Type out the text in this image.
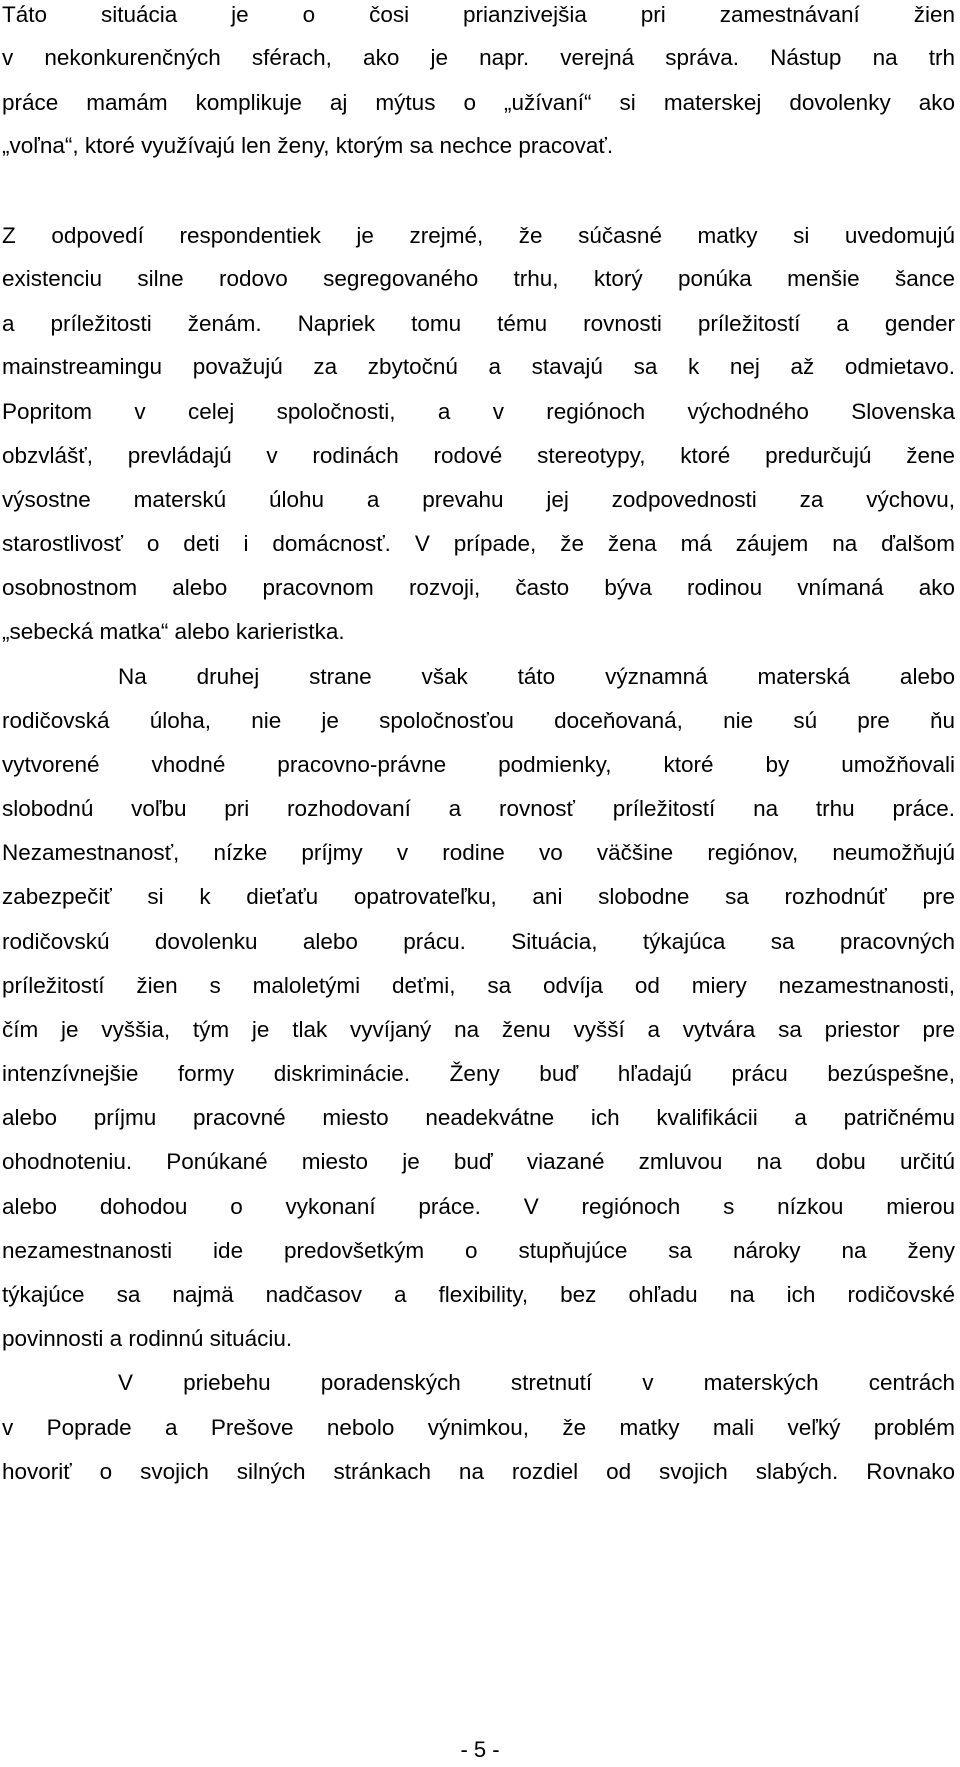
Táto situácia je o čosi prianzivejšia pri zamestnávaní žien
v nekonkurenčných sférach, ako je napr. verejná správa. Nástup na trh
práce mamám komplikuje aj mýtus o „užívaní“ si materskej dovolenky ako
„voľna“, ktoré využívajú len ženy, ktorým sa nechce pracovať.
Z odpovedí respondentiek je zrejmé, že súčasné matky si uvedomujú
existenciu silne rodovo segregovaného trhu, ktorý ponúka menšie šance
a príležitosti ženám. Napriek tomu tému rovnosti príležitostí a gender
mainstreamingu považujú za zbytočnú a stavajú sa k nej až odmietavo.
Popritom v celej spoločnosti, a v regiónoch východného Slovenska
obzvlášť, prevládajú v rodinách rodové stereotypy, ktoré predurčujú žene
výsostne materskú úlohu a prevahu jej zodpovednosti za výchovu,
starostlivosť o deti i domácnosť. V prípade, že žena má záujem na ďalšom
osobnostnom alebo pracovnom rozvoji, často býva rodinou vnímaná ako
„sebecká matka“ alebo karieristka.
Na druhej strane však táto významná materská alebo
rodičovská úloha, nie je spoločnosťou doceňovaná, nie sú pre ňu
vytvorené vhodné pracovno-právne podmienky, ktoré by umožňovali
slobodnú voľbu pri rozhodovaní a rovnosť príležitostí na trhu práce.
Nezamestnanosť, nízke príjmy v rodine vo väčšine regiónov, neumožňujú
zabezpečiť si k dieťaťu opatrovateľku, ani slobodne sa rozhodnúť pre
rodičovskú dovolenku alebo prácu. Situácia, týkajúca sa pracovných
príležitostí žien s maloletými deťmi, sa odvíja od miery nezamestnanosti,
čím je vyššia, tým je tlak vyvíjaný na ženu vyšší a vytvára sa priestor pre
intenzívnejšie formy diskriminácie. Ženy buď hľadajú prácu bezúspešne,
alebo príjmu pracovné miesto neadekvátne ich kvalifikácii a patričnému
ohodnoteniu. Ponúkané miesto je buď viazané zmluvou na dobu určitú
alebo dohodou o vykonaní práce. V regiónoch s nízkou mierou
nezamestnanosti ide predovšetkým o stupňujúce sa nároky na ženy
týkajúce sa najmä nadčasov a flexibility, bez ohľadu na ich rodičovské
povinnosti a rodinnú situáciu.
V priebehu poradenských stretnutí v materských centrách
v Poprade a Prešove nebolo výnimkou, že matky mali veľký problém
hovoriť o svojich silných stránkach na rozdiel od svojich slabých. Rovnako
- 5 -
